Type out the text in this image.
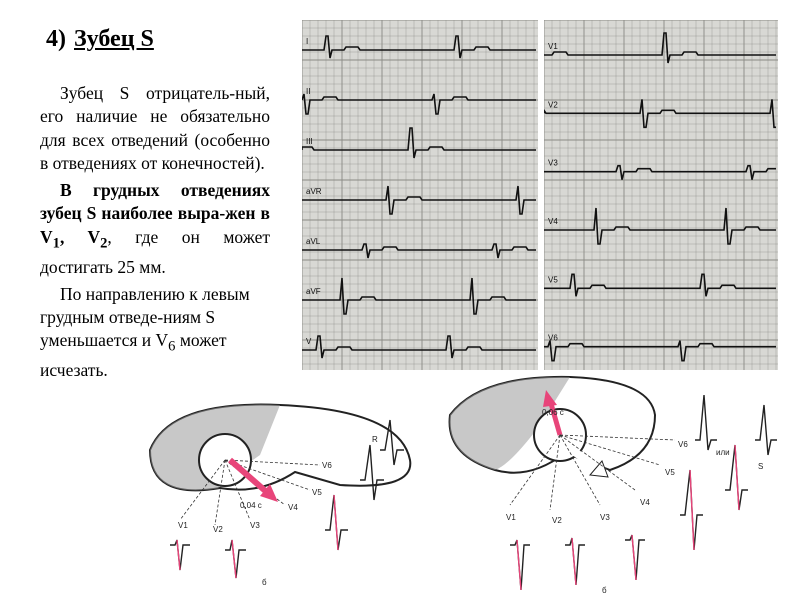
4) Зубец S

Зубец S отрицатель-ный, его наличие не обязательно для всех отведений (особенно в отведениях от конечностей).

В грудных отведениях зубец S наиболее выра-жен в $V_1$, $V_2$, где он может достигать 25 мм.

По направлению к левым грудным отведе-ниям S уменьшается и $V_6$ может исчезать.

I
II
III
aVR
aVL
aVF
V
V1
V2
V3
V4
V5
V6
0,04 с
V1	V2	V3
V4
V5
V6
R
б
0,06 с
V1	V2	V3
V4
V5
V6
или
S
б
